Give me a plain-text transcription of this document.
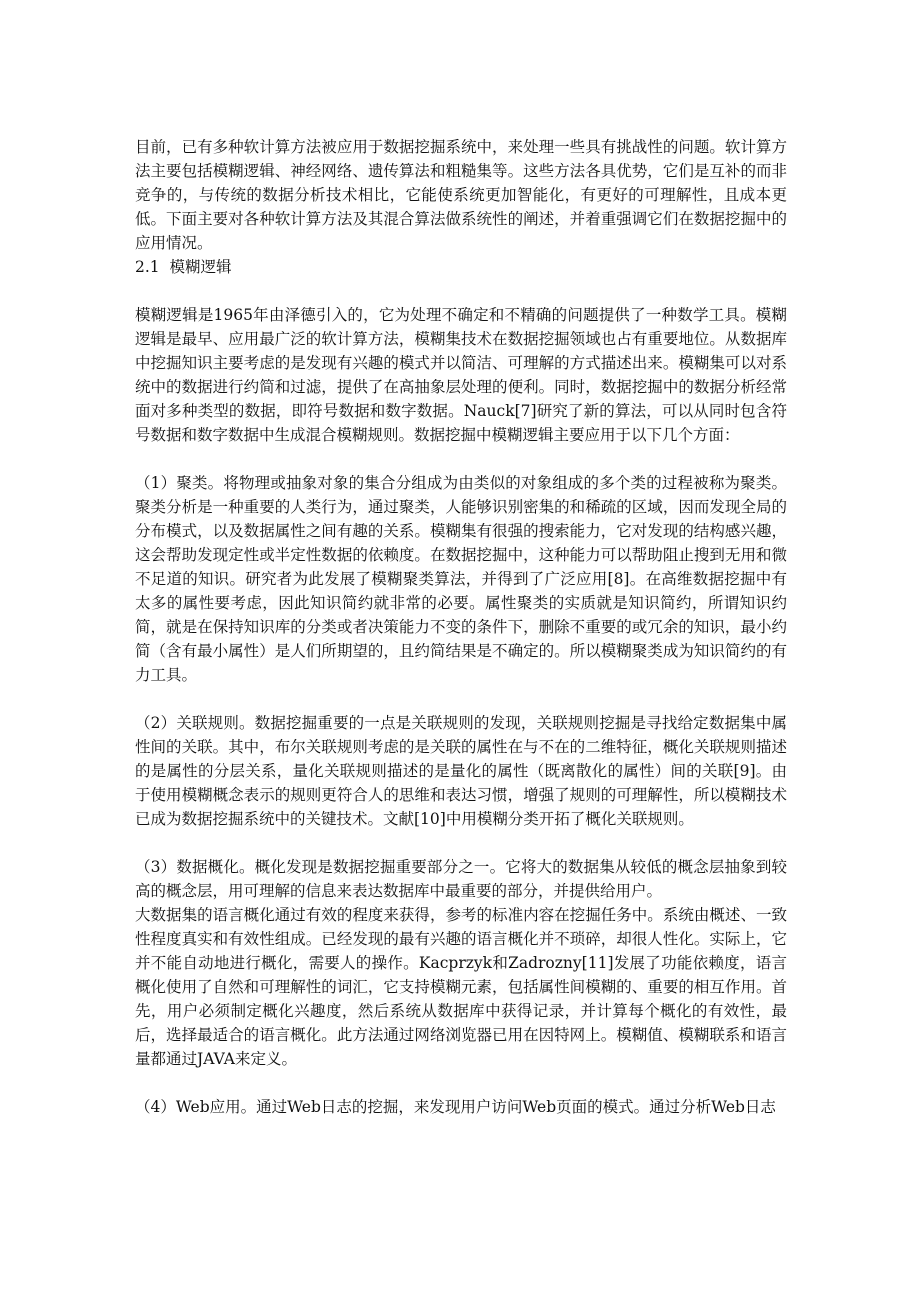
目前，已有多种软计算方法被应用于数据挖掘系统中，来处理一些具有挑战性的问题。软计算方法主要包括模糊逻辑、神经网络、遗传算法和粗糙集等。这些方法各具优势，它们是互补的而非竞争的，与传统的数据分析技术相比，它能使系统更加智能化，有更好的可理解性，且成本更低。下面主要对各种软计算方法及其混合算法做系统性的阐述，并着重强调它们在数据挖掘中的应用情况。

2.1  模糊逻辑

模糊逻辑是1965年由泽德引入的，它为处理不确定和不精确的问题提供了一种数学工具。模糊逻辑是最早、应用最广泛的软计算方法，模糊集技术在数据挖掘领域也占有重要地位。从数据库中挖掘知识主要考虑的是发现有兴趣的模式并以简洁、可理解的方式描述出来。模糊集可以对系统中的数据进行约简和过滤，提供了在高抽象层处理的便利。同时，数据挖掘中的数据分析经常面对多种类型的数据，即符号数据和数字数据。Nauck[7]研究了新的算法，可以从同时包含符号数据和数字数据中生成混合模糊规则。数据挖掘中模糊逻辑主要应用于以下几个方面：

（1）聚类。将物理或抽象对象的集合分组成为由类似的对象组成的多个类的过程被称为聚类。聚类分析是一种重要的人类行为，通过聚类，人能够识别密集的和稀疏的区域，因而发现全局的分布模式，以及数据属性之间有趣的关系。模糊集有很强的搜索能力，它对发现的结构感兴趣，这会帮助发现定性或半定性数据的依赖度。在数据挖掘中，这种能力可以帮助阻止搜到无用和微不足道的知识。研究者为此发展了模糊聚类算法，并得到了广泛应用[8]。在高维数据挖掘中有太多的属性要考虑，因此知识简约就非常的必要。属性聚类的实质就是知识简约，所谓知识约简，就是在保持知识库的分类或者决策能力不变的条件下，删除不重要的或冗余的知识，最小约简（含有最小属性）是人们所期望的，且约简结果是不确定的。所以模糊聚类成为知识简约的有力工具。

（2）关联规则。数据挖掘重要的一点是关联规则的发现，关联规则挖掘是寻找给定数据集中属性间的关联。其中，布尔关联规则考虑的是关联的属性在与不在的二维特征，概化关联规则描述的是属性的分层关系，量化关联规则描述的是量化的属性（既离散化的属性）间的关联[9]。由于使用模糊概念表示的规则更符合人的思维和表达习惯，增强了规则的可理解性，所以模糊技术已成为数据挖掘系统中的关键技术。文献[10]中用模糊分类开拓了概化关联规则。

（3）数据概化。概化发现是数据挖掘重要部分之一。它将大的数据集从较低的概念层抽象到较高的概念层，用可理解的信息来表达数据库中最重要的部分，并提供给用户。

大数据集的语言概化通过有效的程度来获得，参考的标准内容在挖掘任务中。系统由概述、一致性程度真实和有效性组成。已经发现的最有兴趣的语言概化并不琐碎，却很人性化。实际上，它并不能自动地进行概化，需要人的操作。Kacprzyk和Zadrozny[11]发展了功能依赖度，语言概化使用了自然和可理解性的词汇，它支持模糊元素，包括属性间模糊的、重要的相互作用。首先，用户必须制定概化兴趣度，然后系统从数据库中获得记录，并计算每个概化的有效性，最后，选择最适合的语言概化。此方法通过网络浏览器已用在因特网上。模糊值、模糊联系和语言量都通过JAVA来定义。

（4）Web应用。通过Web日志的挖掘，来发现用户访问Web页面的模式。通过分析Web日志
